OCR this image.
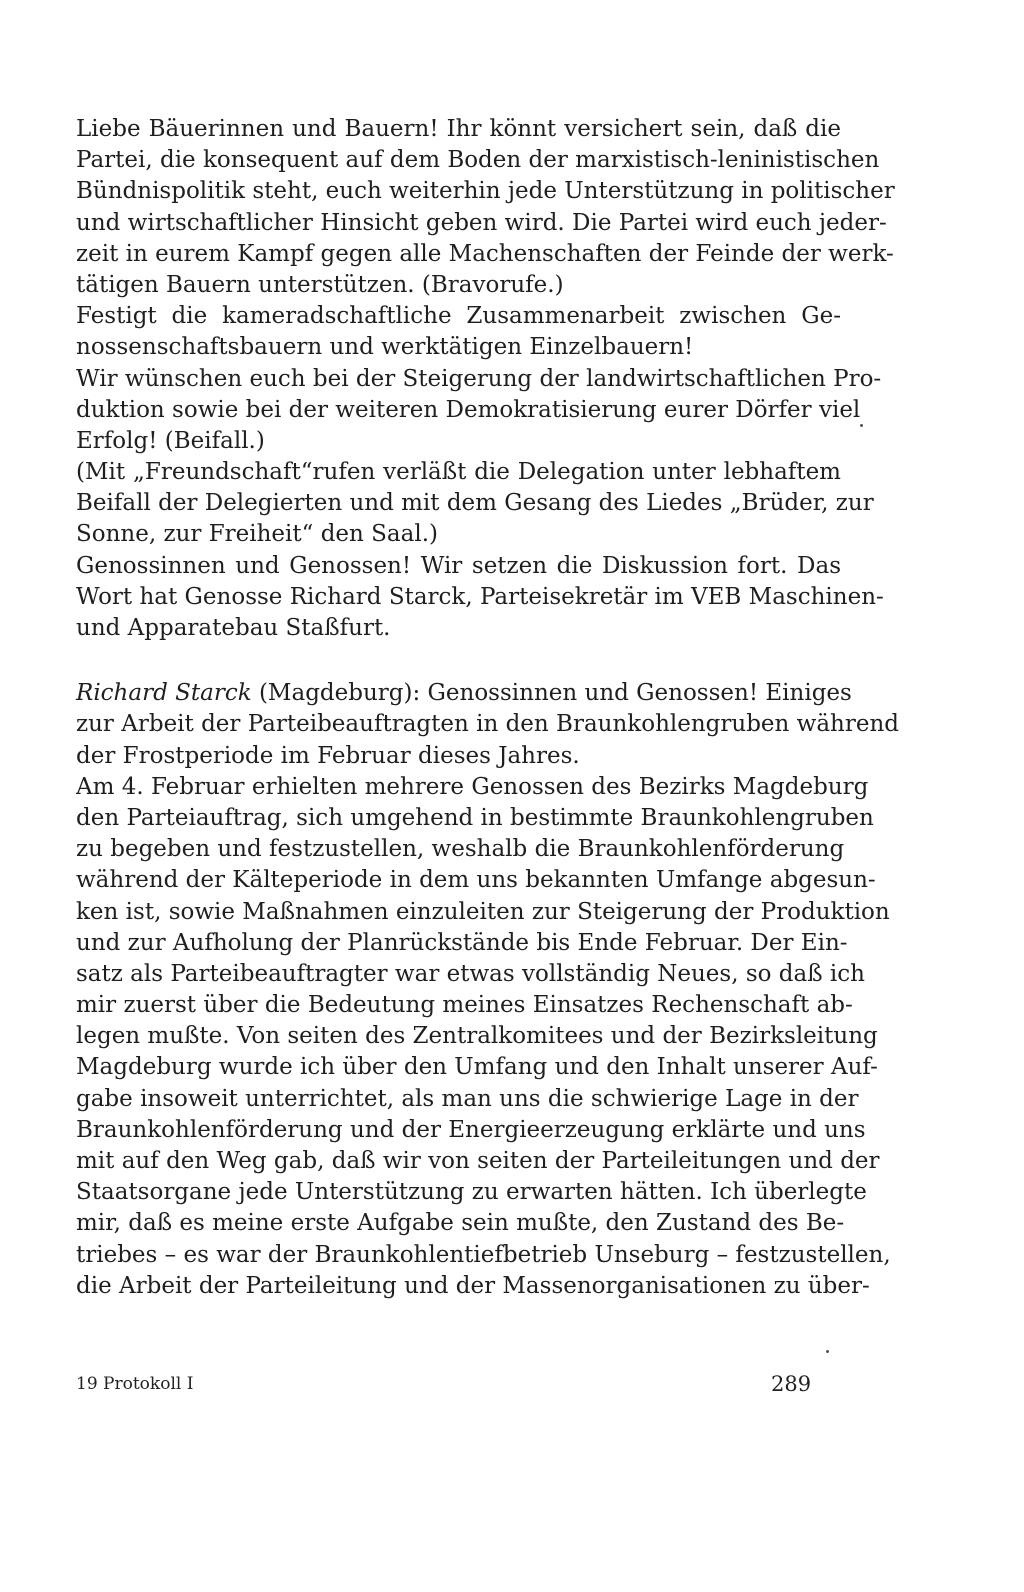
Liebe Bäuerinnen und Bauern! Ihr könnt versichert sein, daß die
Partei, die konsequent auf dem Boden der marxistisch-leninistischen
Bündnispolitik steht, euch weiterhin jede Unterstützung in politischer
und wirtschaftlicher Hinsicht geben wird. Die Partei wird euch jeder-
zeit in eurem Kampf gegen alle Machenschaften der Feinde der werk-
tätigen Bauern unterstützen. (Bravorufe.)
Festigt die kameradschaftliche Zusammenarbeit zwischen Ge-
nossenschaftsbauern und werktätigen Einzelbauern!
Wir wünschen euch bei der Steigerung der landwirtschaftlichen Pro-
duktion sowie bei der weiteren Demokratisierung eurer Dörfer viel
Erfolg! (Beifall.)
(Mit „Freundschaft“rufen verläßt die Delegation unter lebhaftem
Beifall der Delegierten und mit dem Gesang des Liedes „Brüder, zur
Sonne, zur Freiheit“ den Saal.)
Genossinnen und Genossen! Wir setzen die Diskussion fort. Das
Wort hat Genosse Richard Starck, Parteisekretär im VEB Maschinen-
und Apparatebau Staßfurt.
Richard Starck (Magdeburg): Genossinnen und Genossen! Einiges
zur Arbeit der Parteibeauftragten in den Braunkohlengruben während
der Frostperiode im Februar dieses Jahres.
Am 4. Februar erhielten mehrere Genossen des Bezirks Magdeburg
den Parteiauftrag, sich umgehend in bestimmte Braunkohlengruben
zu begeben und festzustellen, weshalb die Braunkohlenförderung
während der Kälteperiode in dem uns bekannten Umfange abgesun-
ken ist, sowie Maßnahmen einzuleiten zur Steigerung der Produktion
und zur Aufholung der Planrückstände bis Ende Februar. Der Ein-
satz als Parteibeauftragter war etwas vollständig Neues, so daß ich
mir zuerst über die Bedeutung meines Einsatzes Rechenschaft ab-
legen mußte. Von seiten des Zentralkomitees und der Bezirksleitung
Magdeburg wurde ich über den Umfang und den Inhalt unserer Auf-
gabe insoweit unterrichtet, als man uns die schwierige Lage in der
Braunkohlenförderung und der Energieerzeugung erklärte und uns
mit auf den Weg gab, daß wir von seiten der Parteileitungen und der
Staatsorgane jede Unterstützung zu erwarten hätten. Ich überlegte
mir, daß es meine erste Aufgabe sein mußte, den Zustand des Be-
triebes – es war der Braunkohlentiefbetrieb Unseburg – festzustellen,
die Arbeit der Parteileitung und der Massenorganisationen zu über-
19 Protokoll I	289
